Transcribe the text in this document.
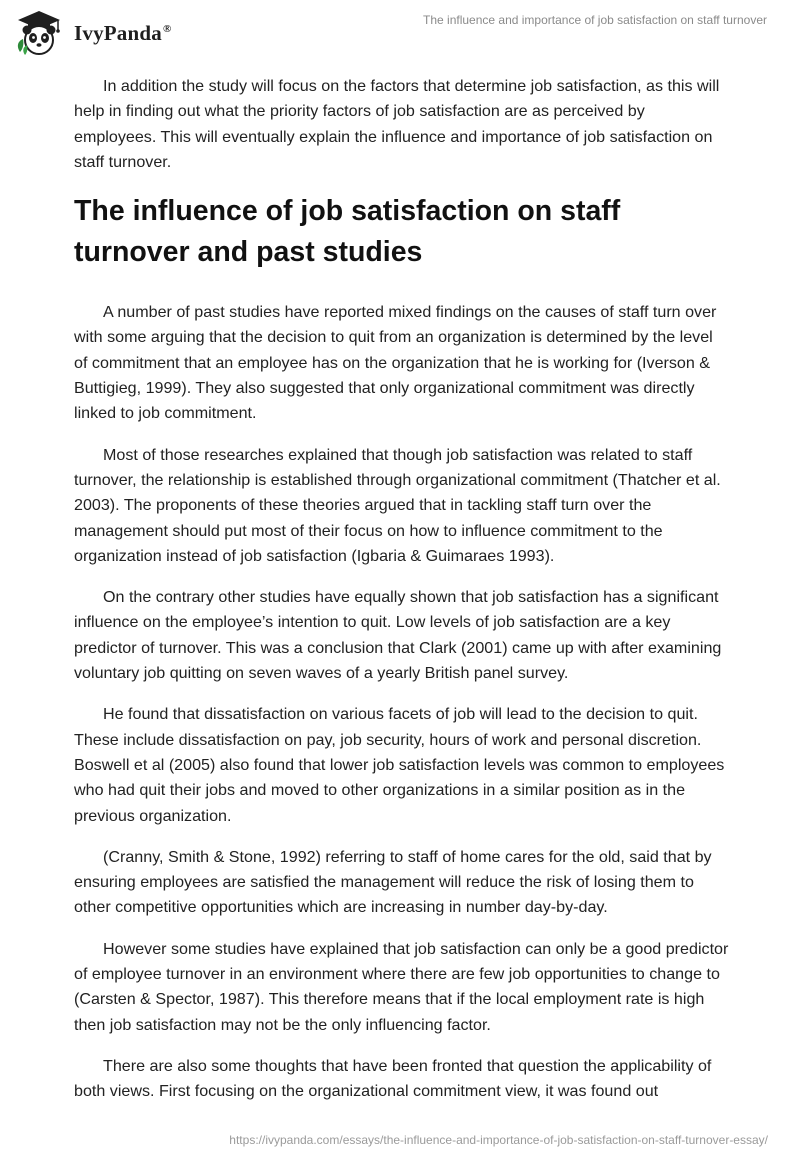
IvyPanda®
The influence and importance of job satisfaction on staff turnover

In addition the study will focus on the factors that determine job satisfaction, as this will help in finding out what the priority factors of job satisfaction are as perceived by employees. This will eventually explain the influence and importance of job satisfaction on staff turnover.

The influence of job satisfaction on staff turnover and past studies

A number of past studies have reported mixed findings on the causes of staff turn over with some arguing that the decision to quit from an organization is determined by the level of commitment that an employee has on the organization that he is working for (Iverson & Buttigieg, 1999). They also suggested that only organizational commitment was directly linked to job commitment.

Most of those researches explained that though job satisfaction was related to staff turnover, the relationship is established through organizational commitment (Thatcher et al. 2003). The proponents of these theories argued that in tackling staff turn over the management should put most of their focus on how to influence commitment to the organization instead of job satisfaction (Igbaria & Guimaraes 1993).

On the contrary other studies have equally shown that job satisfaction has a significant influence on the employee’s intention to quit. Low levels of job satisfaction are a key predictor of turnover. This was a conclusion that Clark (2001) came up with after examining voluntary job quitting on seven waves of a yearly British panel survey.

He found that dissatisfaction on various facets of job will lead to the decision to quit. These include dissatisfaction on pay, job security, hours of work and personal discretion. Boswell et al (2005) also found that lower job satisfaction levels was common to employees who had quit their jobs and moved to other organizations in a similar position as in the previous organization.

(Cranny, Smith & Stone, 1992) referring to staff of home cares for the old, said that by ensuring employees are satisfied the management will reduce the risk of losing them to other competitive opportunities which are increasing in number day-by-day.

However some studies have explained that job satisfaction can only be a good predictor of employee turnover in an environment where there are few job opportunities to change to (Carsten & Spector, 1987). This therefore means that if the local employment rate is high then job satisfaction may not be the only influencing factor.

There are also some thoughts that have been fronted that question the applicability of both views. First focusing on the organizational commitment view, it was found out

https://ivypanda.com/essays/the-influence-and-importance-of-job-satisfaction-on-staff-turnover-essay/
